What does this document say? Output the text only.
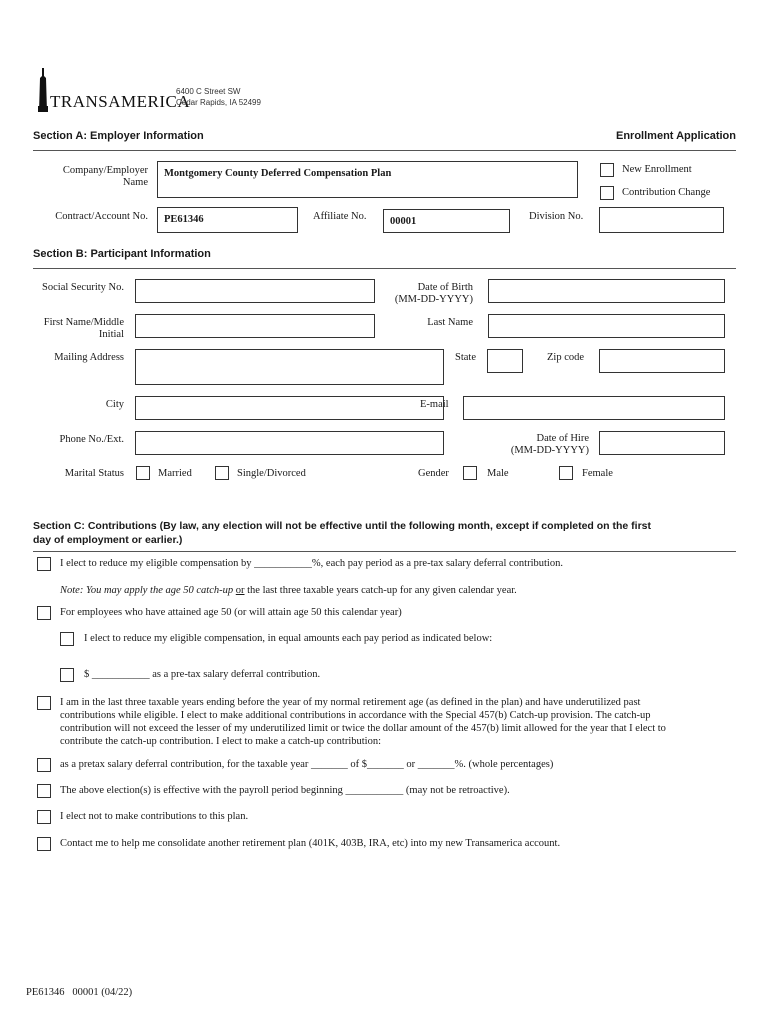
TRANSAMERICA
6400 C Street SW
Cedar Rapids, IA 52499
Section A: Employer Information	Enrollment Application
Company/Employer
Name
Montgomery County Deferred Compensation Plan	New Enrollment
Contribution Change
Contract/Account No. PE61346	Affiliate No. 00001	Division No.
Section B: Participant Information
Social Security No.	Date of Birth
(MM-DD-YYYY)
First Name/Middle
Initial
Last Name
Mailing Address	State	Zip code
City	E-mail
Phone No./Ext.	Date of Hire
(MM-DD-YYYY)
Marital Status	Married	Single/Divorced	Gender	Male	Female
Section C: Contributions (By law, any election will not be effective until the following month, except if completed on the first
day of employment or earlier.)
I elect to reduce my eligible compensation by ___________%, each pay period as a pre-tax salary deferral contribution.
Note: You may apply the age 50 catch-up or the last three taxable years catch-up for any given calendar year.
For employees who have attained age 50 (or will attain age 50 this calendar year)
I elect to reduce my eligible compensation, in equal amounts each pay period as indicated below:
$ ___________ as a pre-tax salary deferral contribution.
I am in the last three taxable years ending before the year of my normal retirement age (as defined in the plan) and have underutilized past
contributions while eligible. I elect to make additional contributions in accordance with the Special 457(b) Catch-up provision. The catch-up
contribution will not exceed the lesser of my underutilized limit or twice the dollar amount of the 457(b) limit allowed for the year that I elect to
contribute the catch-up contribution. I elect to make a catch-up contribution:
as a pretax salary deferral contribution, for the taxable year _______ of $_______ or _______%. (whole percentages)
The above election(s) is effective with the payroll period beginning ___________ (may not be retroactive).
I elect not to make contributions to this plan.
Contact me to help me consolidate another retirement plan (401K, 403B, IRA, etc) into my new Transamerica account.
PE61346   00001 (04/22)
